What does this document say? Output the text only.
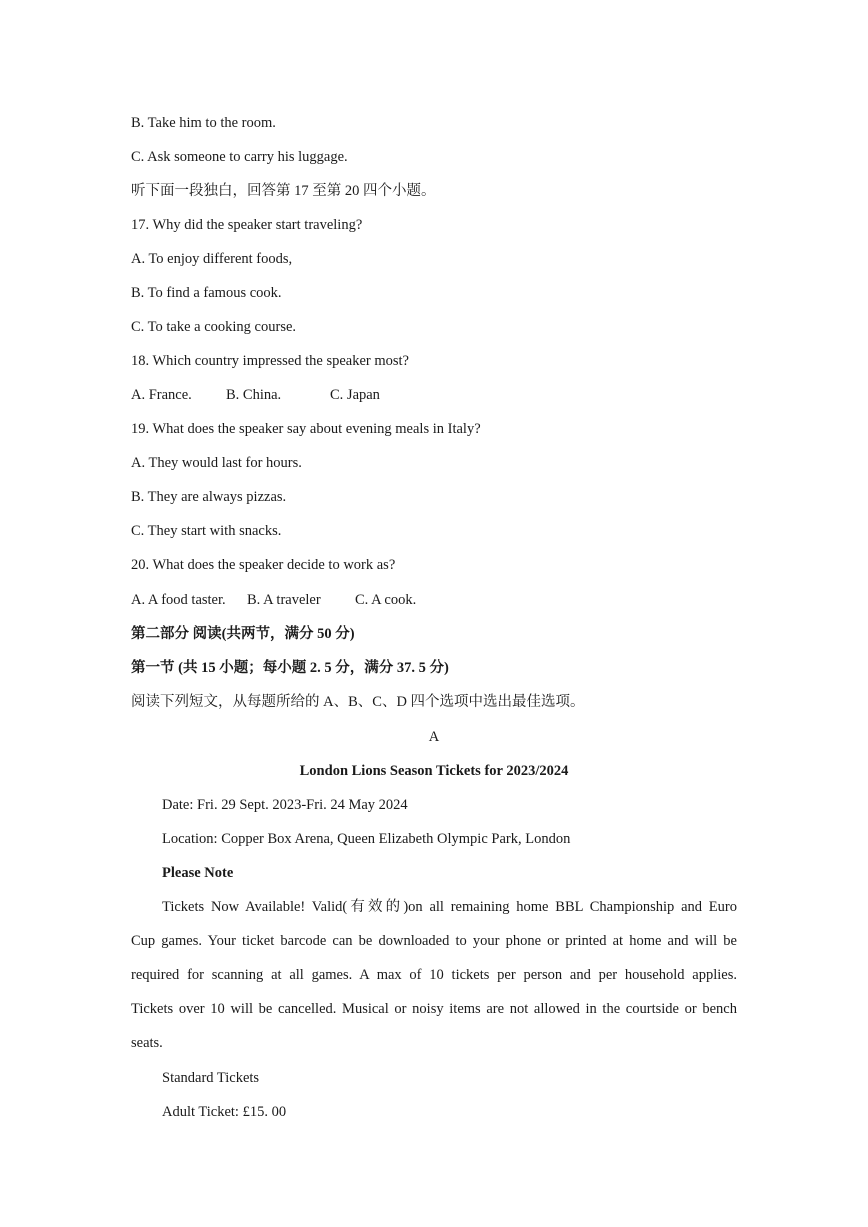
B. Take him to the room.
C. Ask someone to carry his luggage.
听下面一段独白，回答第 17 至第 20 四个小题。
17. Why did the speaker start traveling?
A. To enjoy different foods,
B. To find a famous cook.
C. To take a cooking course.
18. Which country impressed the speaker most?
A. France. B. China.	C. Japan
19. What does the speaker say about evening meals in Italy?
A. They would last for hours.
B. They are always pizzas.
C. They start with snacks.
20. What does the speaker decide to work as?
A. A food taster. B. A traveler C. A cook.
第二部分 阅读(共两节，满分 50 分)
第一节 (共 15 小题；每小题 2. 5 分，满分 37. 5 分)
阅读下列短文，从每题所给的 A、B、C、D 四个选项中选出最佳选项。
A
London Lions Season Tickets for 2023/2024
Date: Fri. 29 Sept. 2023-Fri. 24 May 2024
Location: Copper Box Arena, Queen Elizabeth Olympic Park, London
Please Note
Tickets Now Available! Valid(有效的)on all remaining home BBL Championship and Euro
Cup games. Your ticket barcode can be downloaded to your phone or printed at home and will be
required for scanning at all games. A max of 10 tickets per person and per household applies.
Tickets over 10 will be cancelled. Musical or noisy items are not allowed in the courtside or bench
seats.
Standard Tickets
Adult Ticket: £15. 00
